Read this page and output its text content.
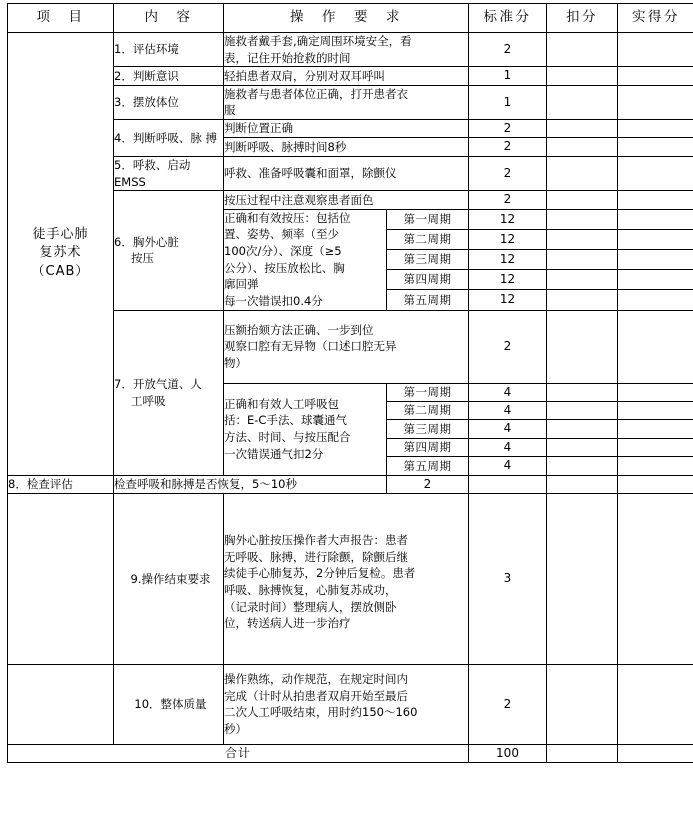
项　目	内　容	操　作　要　求		标准分	扣分	实得分

徒手心肺
复苏术
（CAB）	1．评估环境	施救者戴手套,确定周围环境安全，看
表，记住开始抢救的时间		2		
	2．判断意识	轻拍患者双肩，分别对双耳呼叫		1		
	3．摆放体位	施救者与患者体位正确，打开患者衣
服		1		
	4．判断呼吸、脉 搏	判断位置正确		2		

		判断呼吸、脉搏时间8秒		2		
	5．呼救、启动 EMSS	呼救、准备呼吸囊和面罩，除颤仪		2		
	6．胸外心脏
按压	按压过程中注意观察患者面色		2		

正确和有效按压：包括位
置、姿势、频率（至少
100次/分）、深度（≥5
公分）、按压放松比、胸
廓回弹
每一次错误扣0.4分
	第一周期	12		
			第二周期	12		
			第三周期	12		
			第四周期	12		
			第五周期	12		
	7．开放气道、人
工呼吸	压额抬颏方法正确、一步到位
观察口腔有无异物（口述口腔无异
物）		2		

		正确和有效人工呼吸包
括：E-C手法、球囊通气
方法、时间、与按压配合
一次错误通气扣2分	第一周期	4		
			第二周期	4		
			第三周期	4		
			第四周期	4		
			第五周期	4		
8．检查评估	检查呼吸和脉搏是否恢复，5～10秒		2			
	9.操作结束要求	
胸外心脏按压操作者大声报告：患者
无呼吸、脉搏，进行除颤，除颤后继
续徒手心肺复苏，2分钟后复检。患者
呼吸、脉搏恢复，心肺复苏成功，
（记录时间）整理病人，摆放侧卧
位，转送病人进一步治疗
	3		
	10．整体质量	操作熟练，动作规范，在规定时间内
完成（计时从拍患者双肩开始至最后
二次人工呼吸结束，用时约150～160
秒）		2		
合计				100		
